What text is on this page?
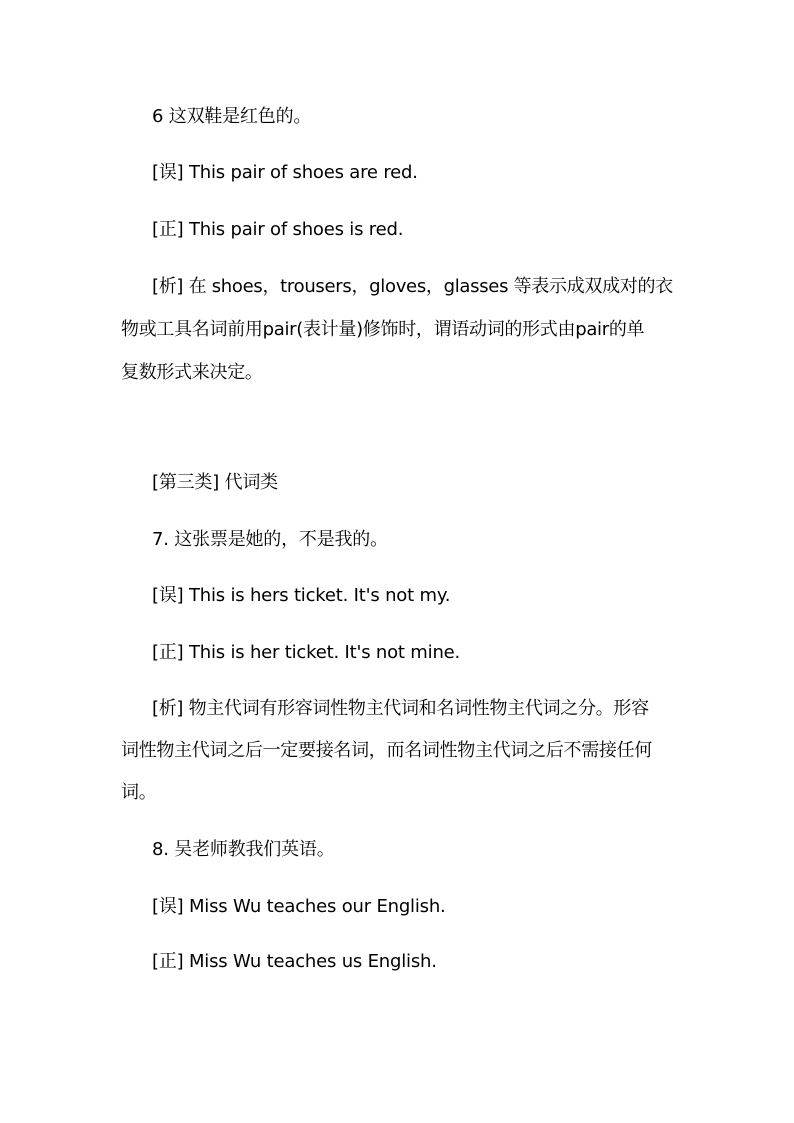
6 这双鞋是红色的。
[误] This pair of shoes are red.
[正] This pair of shoes is red.
[析] 在 shoes，trousers，gloves，glasses 等表示成双成对的衣
物或工具名词前用pair(表计量)修饰时，谓语动词的形式由pair的单
复数形式来决定。
[第三类] 代词类
7. 这张票是她的，不是我的。
[误] This is hers ticket. It's not my.
[正] This is her ticket. It's not mine.
[析] 物主代词有形容词性物主代词和名词性物主代词之分。形容
词性物主代词之后一定要接名词，而名词性物主代词之后不需接任何
词。
8. 吴老师教我们英语。
[误] Miss Wu teaches our English.
[正] Miss Wu teaches us English.
